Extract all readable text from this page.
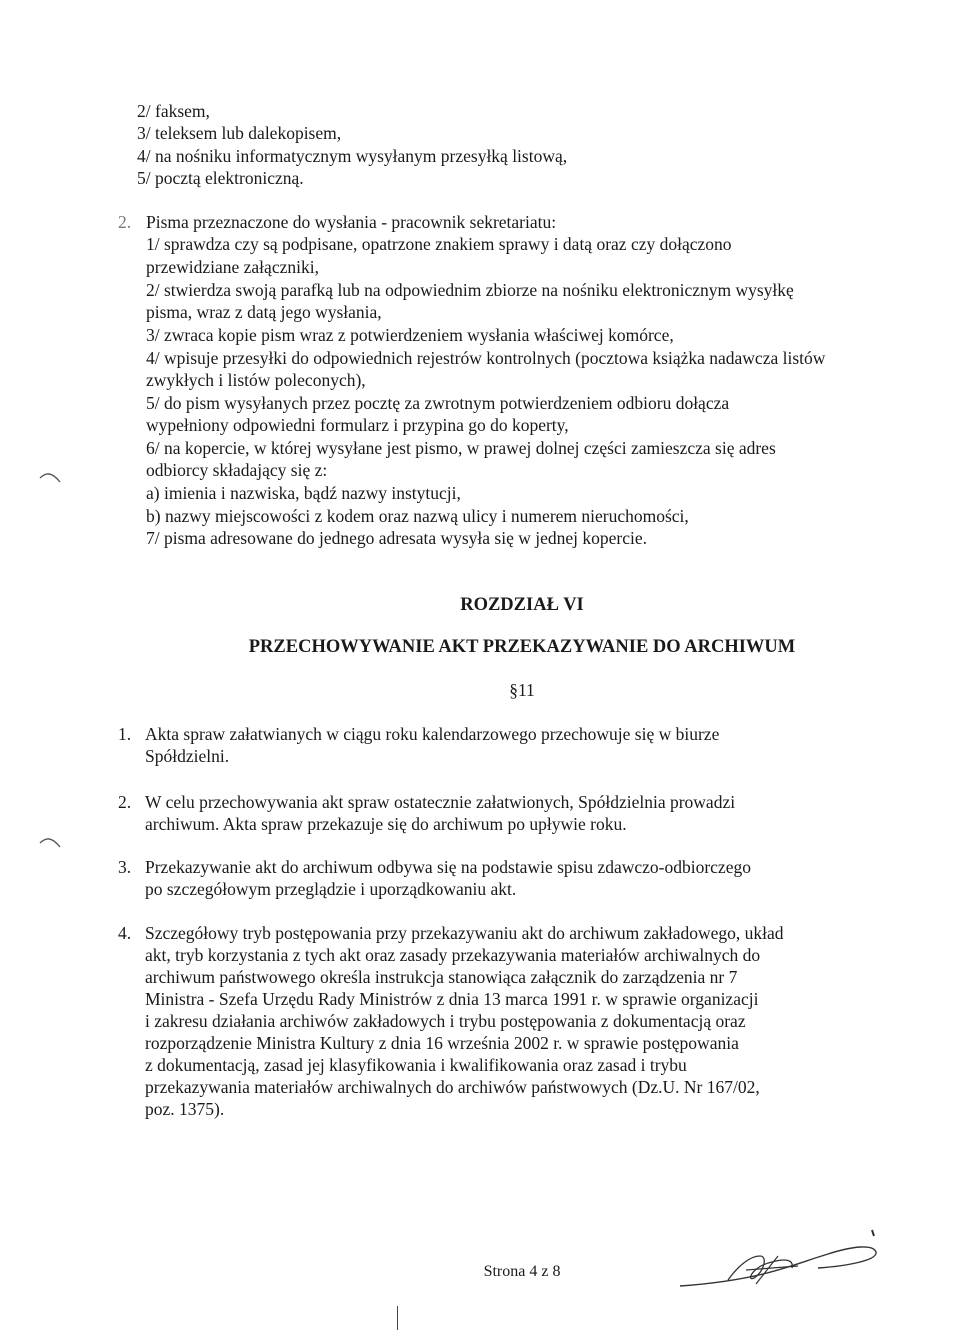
2/ faksem,
3/ teleksem lub dalekopisem,
4/ na nośniku informatycznym wysyłanym przesyłką listową,
5/ pocztą elektroniczną.
2. Pisma przeznaczone do wysłania - pracownik sekretariatu:
1/ sprawdza czy są podpisane, opatrzone znakiem sprawy i datą oraz czy dołączono
przewidziane załączniki,
2/ stwierdza swoją parafką lub na odpowiednim zbiorze na nośniku elektronicznym wysyłkę
pisma, wraz z datą jego wysłania,
3/ zwraca kopie pism wraz z potwierdzeniem wysłania właściwej komórce,
4/ wpisuje przesyłki do odpowiednich rejestrów kontrolnych (pocztowa książka nadawcza listów
zwykłych i listów poleconych),
5/ do pism wysyłanych przez pocztę za zwrotnym potwierdzeniem odbioru dołącza
wypełniony odpowiedni formularz i przypina go do koperty,
6/ na kopercie, w której wysyłane jest pismo, w prawej dolnej części zamieszcza się adres
odbiorcy składający się z:
a) imienia i nazwiska, bądź nazwy instytucji,
b) nazwy miejscowości z kodem oraz nazwą ulicy i numerem nieruchomości,
7/ pisma adresowane do jednego adresata wysyła się w jednej kopercie.
ROZDZIAŁ VI
PRZECHOWYWANIE AKT PRZEKAZYWANIE DO ARCHIWUM
§11
1. Akta spraw załatwianych w ciągu roku kalendarzowego przechowuje się w biurze
Spółdzielni.
2. W celu przechowywania akt spraw ostatecznie załatwionych, Spółdzielnia prowadzi
archiwum. Akta spraw przekazuje się do archiwum po upływie roku.
3. Przekazywanie akt do archiwum odbywa się na podstawie spisu zdawczo-odbiorczego
po szczegółowym przeglądzie i uporządkowaniu akt.
4. Szczegółowy tryb postępowania przy przekazywaniu akt do archiwum zakładowego, układ
akt, tryb korzystania z tych akt oraz zasady przekazywania materiałów archiwalnych do
archiwum państwowego określa instrukcja stanowiąca załącznik do zarządzenia nr 7
Ministra - Szefa Urzędu Rady Ministrów z dnia 13 marca 1991 r. w sprawie organizacji
i zakresu działania archiwów zakładowych i trybu postępowania z dokumentacją oraz
rozporządzenie Ministra Kultury z dnia 16 września 2002 r. w sprawie postępowania
z dokumentacją, zasad jej klasyfikowania i kwalifikowania oraz zasad i trybu
przekazywania materiałów archiwalnych do archiwów państwowych (Dz.U. Nr 167/02,
poz. 1375).
Strona 4 z 8
